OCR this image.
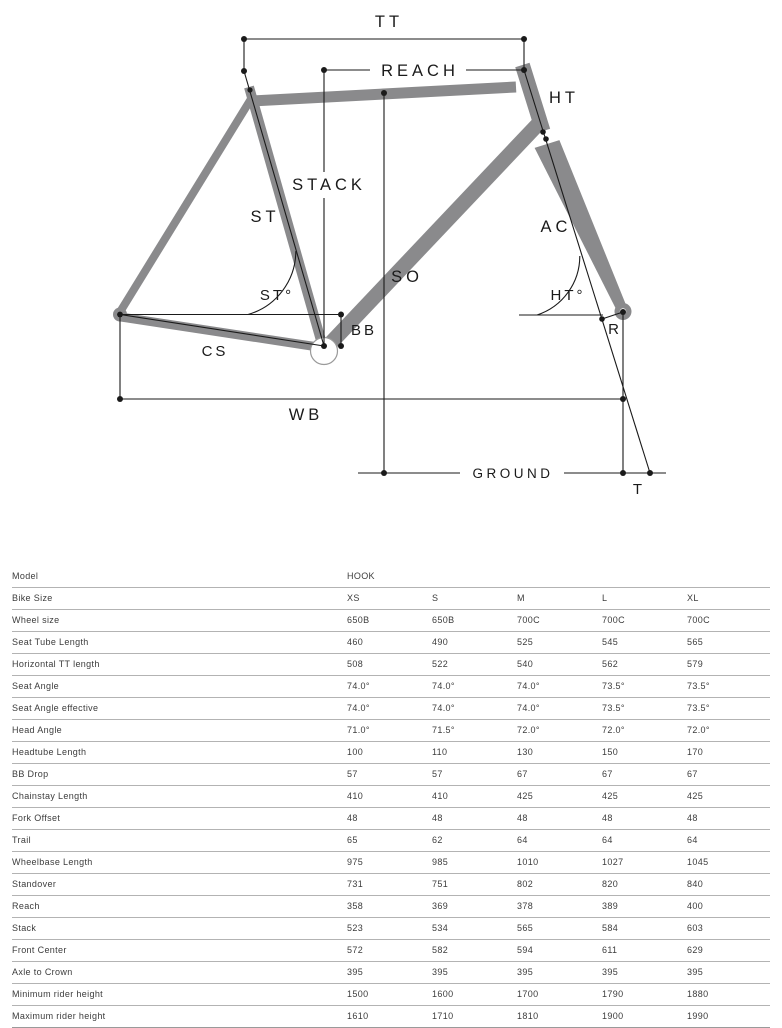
TT
REACH
HT
STACK
ST
AC
SO
ST°	HT°
BB
CS
R
WB
GROUND
T
Model	HOOK
Bike Size	XS	S	M	L	XL
Wheel size	650B	650B	700C	700C	700C
Seat Tube Length	460	490	525	545	565
Horizontal TT length	508	522	540	562	579
Seat Angle	74.0°	74.0°	74.0°	73.5°	73.5°
Seat Angle effective	74.0°	74.0°	74.0°	73.5°	73.5°
Head Angle	71.0°	71.5°	72.0°	72.0°	72.0°
Headtube Length	100	110	130	150	170
BB Drop	57	57	67	67	67
Chainstay Length	410	410	425	425	425
Fork Offset	48	48	48	48	48
Trail	65	62	64	64	64
Wheelbase Length	975	985	1010	1027	1045
Standover	731	751	802	820	840
Reach	358	369	378	389	400
Stack	523	534	565	584	603
Front Center	572	582	594	611	629
Axle to Crown	395	395	395	395	395
Minimum rider height	1500	1600	1700	1790	1880
Maximum rider height	1610	1710	1810	1900	1990
